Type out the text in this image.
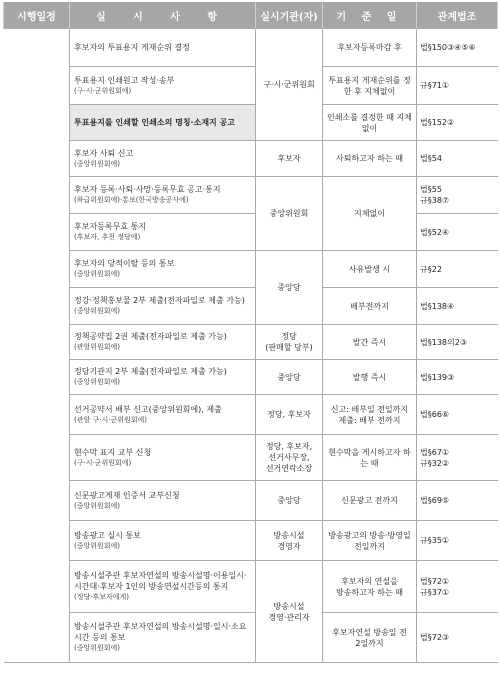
시행일정	실 시 사 항	실시기관(자)	기 준 일	관계법조

	후보자의 투표용지 게재순위 결정	구·시·군위원회	후보자등록마감 후	법§150③④⑤⑥

	투표용지 인쇄원고 작성·송부
(구·시·군위원회에)		투표용지 게재순위를 정한 후 지체없이	규§71①

	투표용지를 인쇄할 인쇄소의 명칭·소재지 공고		인쇄소를 결정한 때 지체없이	법§152②

	후보자 사퇴 신고
(중앙위원회에)	후보자	사퇴하고자 하는 때	법§54

	후보자 등록·사퇴·사망·등록무효 공고·통지
(하급위원회에)·통보(한국방송공사에)	중앙위원회	지체없이	법§55
규§38⑦

	후보자등록무효 통지
(후보자, 추천 정당에)			법§52④

	후보자의 당적이탈 등의 통보
(중앙위원회에)	중앙당	사유발생 시	규§22

	정강·정책홍보물 2부 제출(전자파일로 제출 가능)
(중앙위원회에)		배부전까지	법§138④

	정책공약집 2권 제출(전자파일로 제출 가능)
(관할위원회에)	정당
(판매할 당부)	발간 즉시	법§138의2③

	정당기관지 2부 제출(전자파일로 제출 가능)
(중앙위원회에)	중앙당	발행 즉시	법§139③

	선거공약서 배부 신고(중앙위원회에), 제출
(관할 구·시·군위원회에)	정당, 후보자	신고: 배부일 전일까지
제출: 배부 전까지	법§66⑥

	현수막 표지 교부 신청
(구·시·군위원회에)	정당, 후보자,
선거사무장,
선거연락소장	현수막을 게시하고자 하는 때	법§67①
규§32②

	신문광고게재 인증서 교부신청
(중앙위원회에)	중앙당	신문광고 전까지	법§69⑤

	방송광고 실시 통보
(중앙위원회에)	방송시설
경영자	방송광고의 방송·방영일
전일까지	규§35①

	방송시설주관 후보자연설의 방송시설명·이용일시·시간대·후보자 1인의 방송연설시간등의 통지
(정당·후보자에게)	방송시설
경영·관리자	후보자의 연설을
방송하고자 하는 때	법§72①
규§37①

	방송시설주관 후보자연설의 방송시설명·일시·소요시간 등의 통보
(중앙위원회에)		후보자연설 방송일 전
2일까지	법§72③
